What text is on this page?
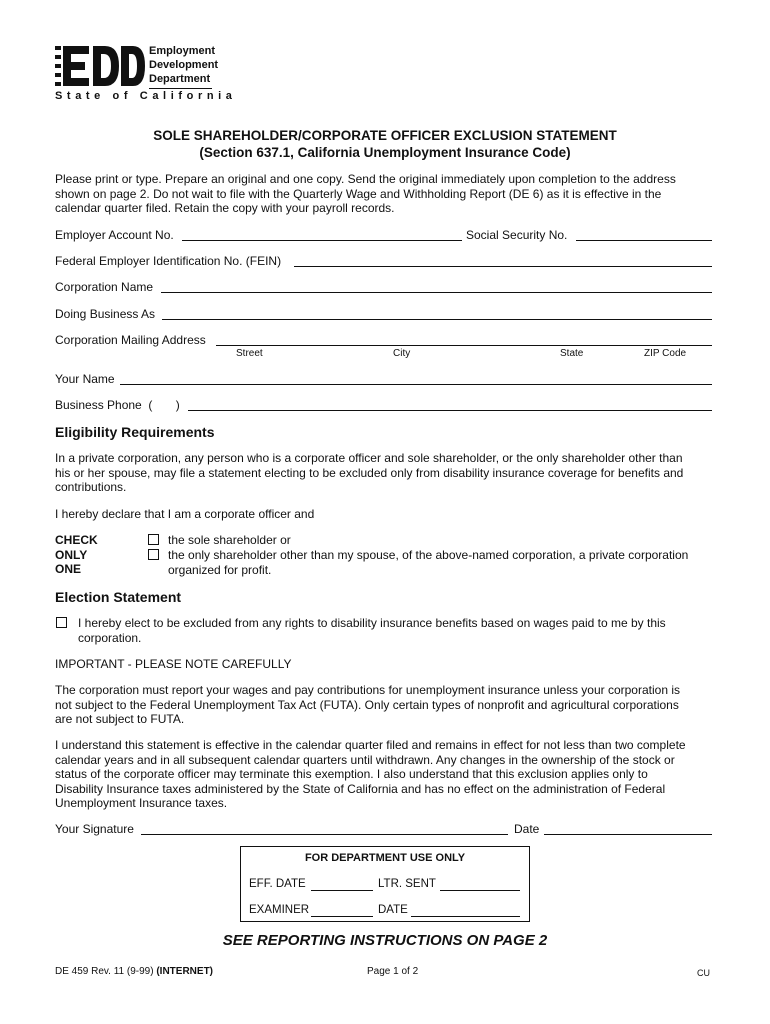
Employment
Development
Department
State of California
SOLE SHAREHOLDER/CORPORATE OFFICER EXCLUSION STATEMENT
(Section 637.1, California Unemployment Insurance Code)
Please print or type. Prepare an original and one copy. Send the original immediately upon completion to the address
shown on page 2. Do not wait to file with the Quarterly Wage and Withholding Report (DE 6) as it is effective in the
calendar quarter filed. Retain the copy with your payroll records.
Employer Account No.	Social Security No.
Federal Employer Identification No. (FEIN)
Corporation Name
Doing Business As
Corporation Mailing Address
Street	City	State	ZIP Code
Your Name
Business Phone  (       )
Eligibility Requirements
In a private corporation, any person who is a corporate officer and sole shareholder, or the only shareholder other than
his or her spouse, may file a statement electing to be excluded only from disability insurance coverage for benefits and
contributions.
I hereby declare that I am a corporate officer and
CHECK
ONLY
ONE
the sole shareholder or
the only shareholder other than my spouse, of the above-named corporation, a private corporation
organized for profit.
Election Statement
I hereby elect to be excluded from any rights to disability insurance benefits based on wages paid to me by this
corporation.
IMPORTANT - PLEASE NOTE CAREFULLY
The corporation must report your wages and pay contributions for unemployment insurance unless your corporation is
not subject to the Federal Unemployment Tax Act (FUTA). Only certain types of nonprofit and agricultural corporations
are not subject to FUTA.
I understand this statement is effective in the calendar quarter filed and remains in effect for not less than two complete
calendar years and in all subsequent calendar quarters until withdrawn. Any changes in the ownership of the stock or
status of the corporate officer may terminate this exemption. I also understand that this exclusion applies only to
Disability Insurance taxes administered by the State of California and has no effect on the administration of Federal
Unemployment Insurance taxes.
Your Signature	Date
FOR DEPARTMENT USE ONLY
EFF. DATE	LTR. SENT
EXAMINER	DATE
SEE REPORTING INSTRUCTIONS ON PAGE 2
DE 459 Rev. 11 (9-99) (INTERNET)	Page 1 of 2	CU
